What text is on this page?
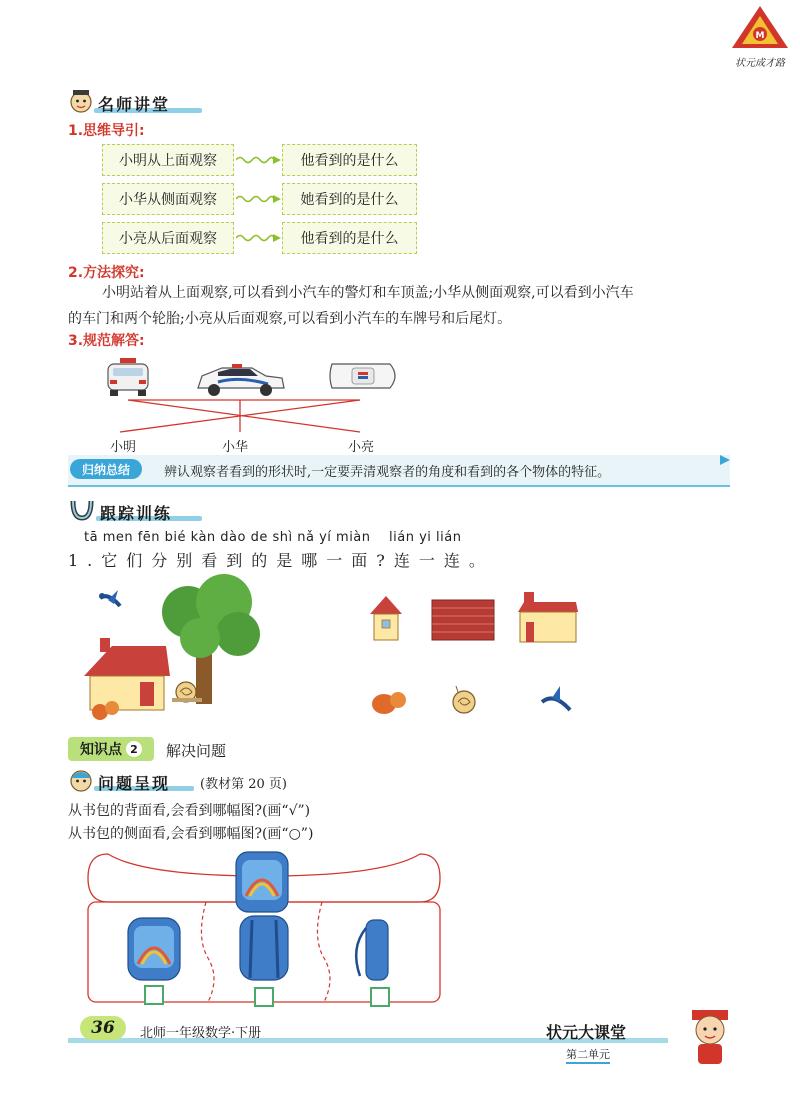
M
状元成才路
名师讲堂
1.思维导引:
小明从上面观察	他看到的是什么
小华从侧面观察	她看到的是什么
小亮从后面观察	他看到的是什么
2.方法探究:
小明站着从上面观察,可以看到小汽车的警灯和车顶盖;小华从侧面观察,可以看到小汽车
的车门和两个轮胎;小亮从后面观察,可以看到小汽车的车牌号和后尾灯。
3.规范解答:
小明	小华	小亮
归纳总结	辨认观察者看到的形状时,一定要弄清观察者的角度和看到的各个物体的特征。
跟踪训练
tā men fēn bié kàn dào de shì nǎ yí miàn    lián yi lián
1.它们分别看到的是哪一面?连一连。
知识点 2 解决问题
问题呈现 (教材第 20 页)
从书包的背面看,会看到哪幅图?(画“√”)
从书包的侧面看,会看到哪幅图?(画“○”)
36 北师一年级数学·下册	状元大课堂
第二单元
